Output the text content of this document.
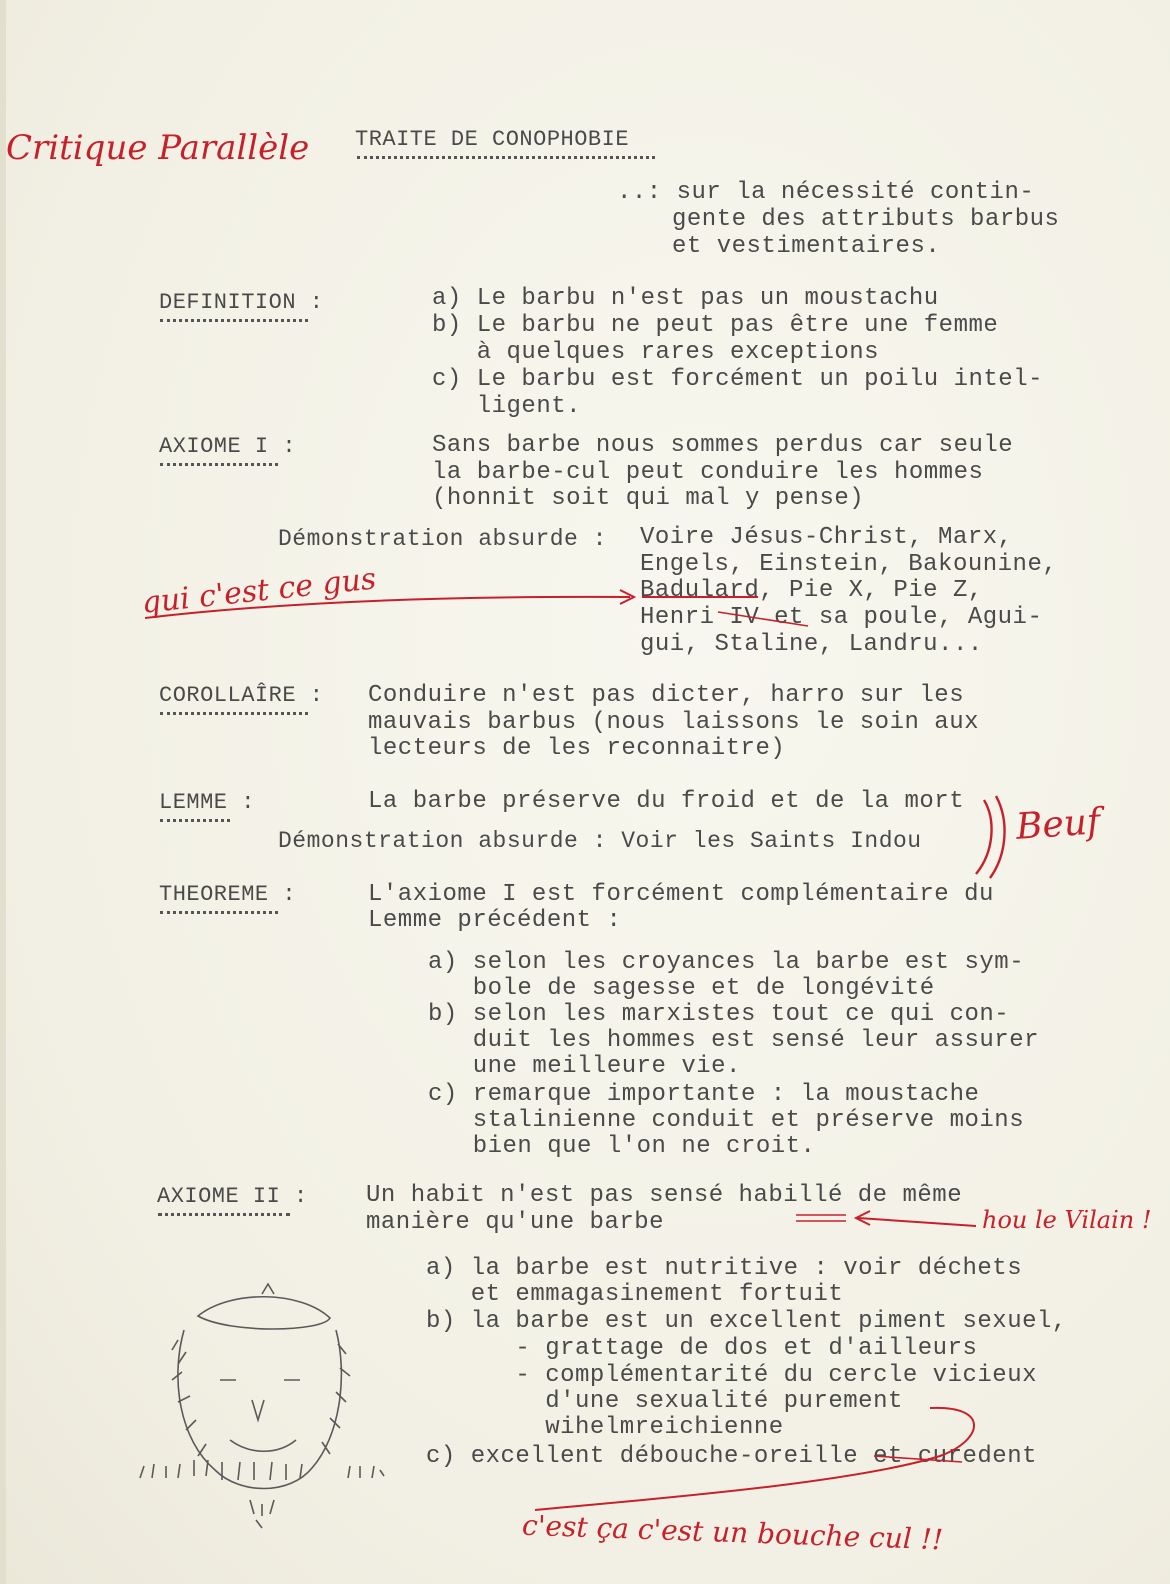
Critique Parallèle TRAITE DE CONOPHOBIE
..: sur la nécessité contin-
gente des attributs barbus
et vestimentaires.
DEFINITION :	a) Le barbu n'est pas un moustachu
b) Le barbu ne peut pas être une femme
à quelques rares exceptions
c) Le barbu est forcément un poilu intel-
ligent.
AXIOME I :	Sans barbe nous sommes perdus car seule
la barbe-cul peut conduire les hommes
(honnit soit qui mal y pense)
Démonstration absurde : Voire Jésus-Christ, Marx,
Engels, Einstein, Bakounine,
Badulard, Pie X, Pie Z,
Henri IV et sa poule, Agui-
gui, Staline, Landru...
qui c'est ce gus
COROLLAÎRE : Conduire n'est pas dicter, harro sur les
mauvais barbus (nous laissons le soin aux
lecteurs de les reconnaitre)
LEMME :	La barbe préserve du froid et de la mort
Démonstration absurde : Voir les Saints Indou	Beuf
THEOREME :	L'axiome I est forcément complémentaire du
Lemme précédent :
a) selon les croyances la barbe est sym-
bole de sagesse et de longévité
b) selon les marxistes tout ce qui con-
duit les hommes est sensé leur assurer
une meilleure vie.
c) remarque importante : la moustache
stalinienne conduit et préserve moins
bien que l'on ne croit.
AXIOME II : Un habit n'est pas sensé habillé de même
manière qu'une barbe	hou le Vilain !
a) la barbe est nutritive : voir déchets
et emmagasinement fortuit
b) la barbe est un excellent piment sexuel,
- grattage de dos et d'ailleurs
- complémentarité du cercle vicieux
d'une sexualité purement
wihelmreichienne
c) excellent débouche-oreille et curedent
c'est ça c'est un bouche cul !!
